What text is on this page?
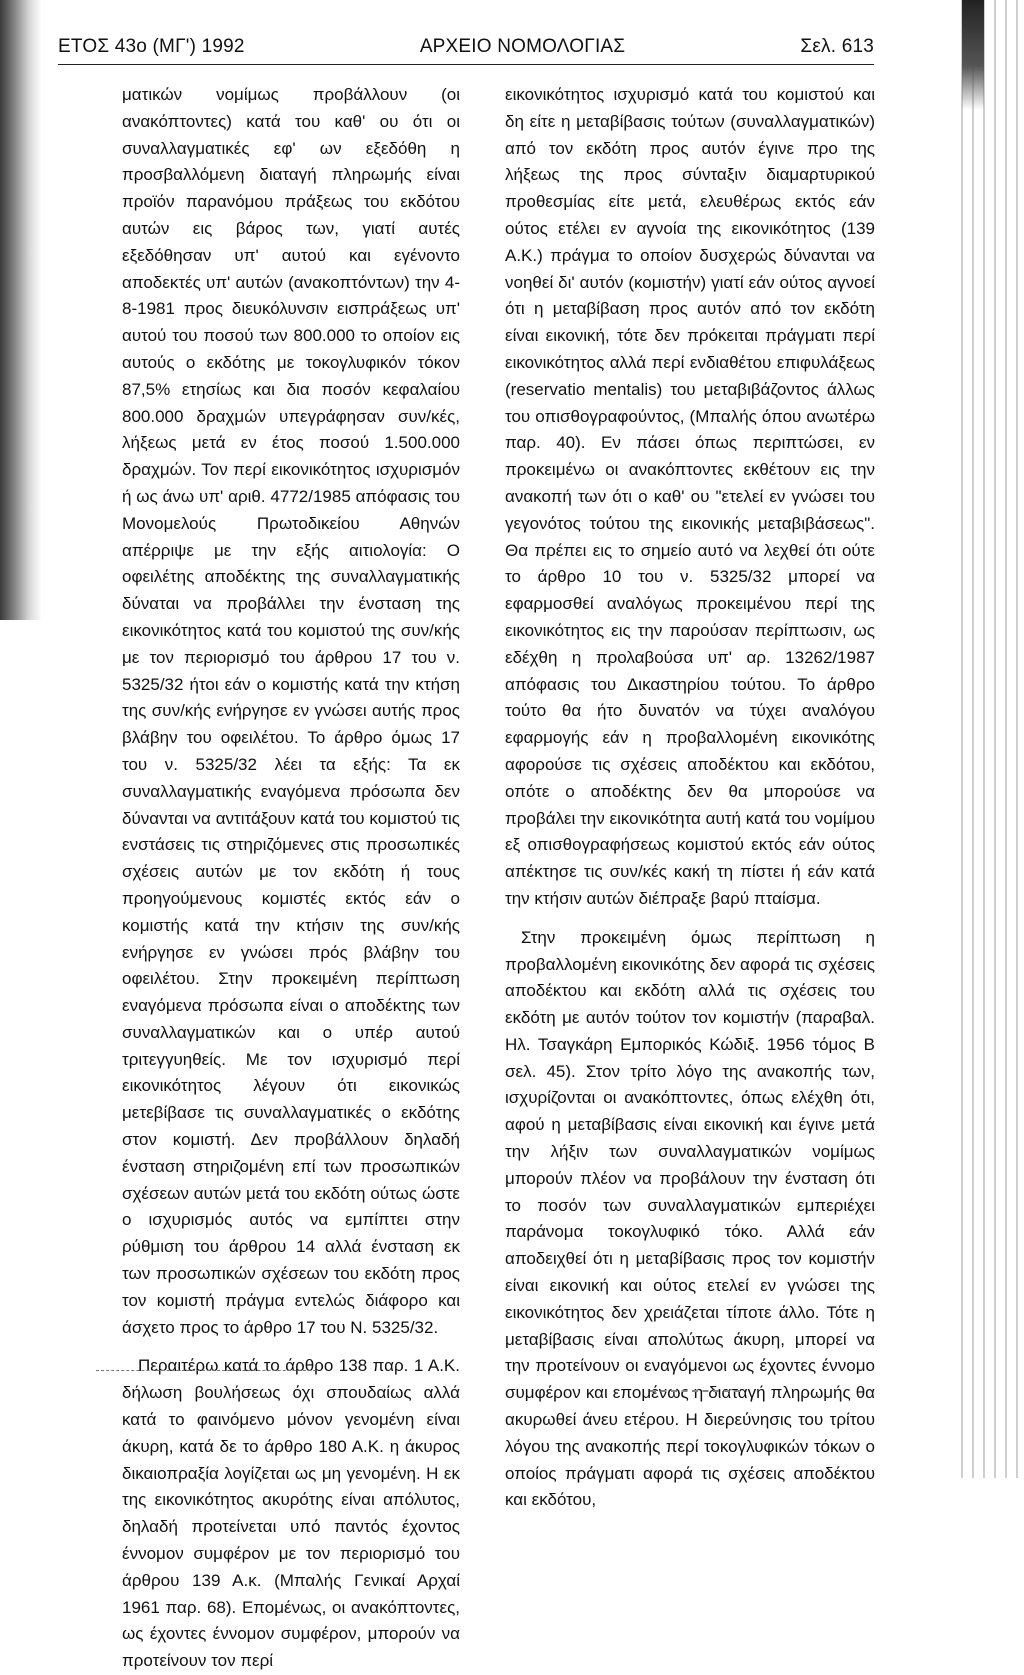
ΕΤΟΣ 43ο (ΜΓ') 1992	ΑΡΧΕΙΟ ΝΟΜΟΛΟΓΙΑΣ	Σελ. 613

ματικών νομίμως προβάλλουν (οι ανακόπτοντες) κατά του καθ' ου ότι οι συναλλαγματικές εφ' ων εξεδόθη η προσβαλλόμενη διαταγή πληρωμής είναι προϊόν παρανόμου πράξεως του εκδότου αυτών εις βάρος των, γιατί αυτές εξεδόθησαν υπ' αυτού και εγένοντο αποδεκτές υπ' αυτών (ανακοπτόντων) την 4-8-1981 προς διευκόλυνσιν εισπράξεως υπ' αυτού του ποσού των 800.000 το οποίον εις αυτούς ο εκδότης με τοκογλυφικόν τόκον 87,5% ετησίως και δια ποσόν κεφαλαίου 800.000 δραχμών υπεγράφησαν συν/κές, λήξεως μετά εν έτος ποσού 1.500.000 δραχμών. Τον περί εικονικότητος ισχυρισμόν ή ως άνω υπ' αριθ. 4772/1985 απόφασις του Μονομελούς Πρωτοδικείου Αθηνών απέρριψε με την εξής αιτιολογία: Ο οφειλέτης αποδέκτης της συναλλαγματικής δύναται να προβάλλει την ένσταση της εικονικότητος κατά του κομιστού της συν/κής με τον περιορισμό του άρθρου 17 του ν. 5325/32 ήτοι εάν ο κομιστής κατά την κτήση της συν/κής ενήργησε εν γνώσει αυτής προς βλάβην του οφειλέτου. Το άρθρο όμως 17 του ν. 5325/32 λέει τα εξής: Τα εκ συναλλαγματικής εναγόμενα πρόσωπα δεν δύνανται να αντιτάξουν κατά του κομιστού τις ενστάσεις τις στηριζόμενες στις προσωπικές σχέσεις αυτών με τον εκδότη ή τους προηγούμενους κομιστές εκτός εάν ο κομιστής κατά την κτήσιν της συν/κής ενήργησε εν γνώσει πρός βλάβην του οφειλέτου. Στην προκειμένη περίπτωση εναγόμενα πρόσωπα είναι ο αποδέκτης των συναλλαγματικών και ο υπέρ αυτού τριτεγγυηθείς. Με τον ισχυρισμό περί εικονικότητος λέγουν ότι εικονικώς μετεβίβασε τις συναλλαγματικές ο εκδότης στον κομιστή. Δεν προβάλλουν δηλαδή ένσταση στηριζομένη επί των προσωπικών σχέσεων αυτών μετά του εκδότη ούτως ώστε ο ισχυρισμός αυτός να εμπίπτει στην ρύθμιση του άρθρου 14 αλλά ένσταση εκ των προσωπικών σχέσεων του εκδότη προς τον κομιστή πράγμα εντελώς διάφορο και άσχετο προς το άρθρο 17 του Ν. 5325/32.

Περαιτέρω κατά το άρθρο 138 παρ. 1 Α.Κ. δήλωση βουλήσεως όχι σπουδαίως αλλά κατά το φαινόμενο μόνον γενομένη είναι άκυρη, κατά δε το άρθρο 180 Α.Κ. η άκυρος δικαιοπραξία λογίζεται ως μη γενομένη. Η εκ της εικονικότητος ακυρότης είναι απόλυτος, δηλαδή προτείνεται υπό παντός έχοντος έννομον συμφέρον με τον περιορισμό του άρθρου 139 Α.κ. (Μπαλής Γενικαί Αρχαί 1961 παρ. 68). Επομένως, οι ανακόπτοντες, ως έχοντες έννομον συμφέρον, μπορούν να προτείνουν τον περί

εικονικότητος ισχυρισμό κατά του κομιστού και δη είτε η μεταβίβασις τούτων (συναλλαγματικών) από τον εκδότη προς αυτόν έγινε προ της λήξεως της προς σύνταξιν διαμαρτυρικού προθεσμίας είτε μετά, ελευθέρως εκτός εάν ούτος ετέλει εν αγνοία της εικονικότητος (139 Α.Κ.) πράγμα το οποίον δυσχερώς δύνανται να νοηθεί δι' αυτόν (κομιστήν) γιατί εάν ούτος αγνοεί ότι η μεταβίβαση προς αυτόν από τον εκδότη είναι εικονική, τότε δεν πρόκειται πράγματι περί εικονικότητος αλλά περί ενδιαθέτου επιφυλάξεως (reservatio mentalis) του μεταβιβάζοντος άλλως του οπισθογραφούντος, (Μπαλής όπου ανωτέρω παρ. 40). Εν πάσει όπως περιπτώσει, εν προκειμένω οι ανακόπτοντες εκθέτουν εις την ανακοπή των ότι ο καθ' ου "ετελεί εν γνώσει του γεγονότος τούτου της εικονικής μεταβιβάσεως". Θα πρέπει εις το σημείο αυτό να λεχθεί ότι ούτε το άρθρο 10 του ν. 5325/32 μπορεί να εφαρμοσθεί αναλόγως προκειμένου περί της εικονικότητος εις την παρούσαν περίπτωσιν, ως εδέχθη η προλαβούσα υπ' αρ. 13262/1987 απόφασις του Δικαστηρίου τούτου. Το άρθρο τούτο θα ήτο δυνατόν να τύχει αναλόγου εφαρμογής εάν η προβαλλομένη εικονικότης αφορούσε τις σχέσεις αποδέκτου και εκδότου, οπότε ο αποδέκτης δεν θα μπορούσε να προβάλει την εικονικότητα αυτή κατά του νομίμου εξ οπισθογραφήσεως κομιστού εκτός εάν ούτος απέκτησε τις συν/κές κακή τη πίστει ή εάν κατά την κτήσιν αυτών διέπραξε βαρύ πταίσμα.

Στην προκειμένη όμως περίπτωση η προβαλλομένη εικονικότης δεν αφορά τις σχέσεις αποδέκτου και εκδότη αλλά τις σχέσεις του εκδότη με αυτόν τούτον τον κομιστήν (παραβαλ. Ηλ. Τσαγκάρη Εμπορικός Κώδιξ. 1956 τόμος Β σελ. 45). Στον τρίτο λόγο της ανακοπής των, ισχυρίζονται οι ανακόπτοντες, όπως ελέχθη ότι, αφού η μεταβίβασις είναι εικονική και έγινε μετά την λήξιν των συναλλαγματικών νομίμως μπορούν πλέον να προβάλουν την ένσταση ότι το ποσόν των συναλλαγματικών εμπεριέχει παράνομα τοκογλυφικό τόκο. Αλλά εάν αποδειχθεί ότι η μεταβίβασις προς τον κομιστήν είναι εικονική και ούτος ετελεί εν γνώσει της εικονικότητος δεν χρειάζεται τίποτε άλλο. Τότε η μεταβίβασις είναι απολύτως άκυρη, μπορεί να την προτείνουν οι εναγόμενοι ως έχοντες έννομο συμφέρον και επομένως η διαταγή πληρωμής θα ακυρωθεί άνευ ετέρου. Η διερεύνησις του τρίτου λόγου της ανακοπής περί τοκογλυφικών τόκων ο οποίος πράγματι αφορά τις σχέσεις αποδέκτου και εκδότου,
